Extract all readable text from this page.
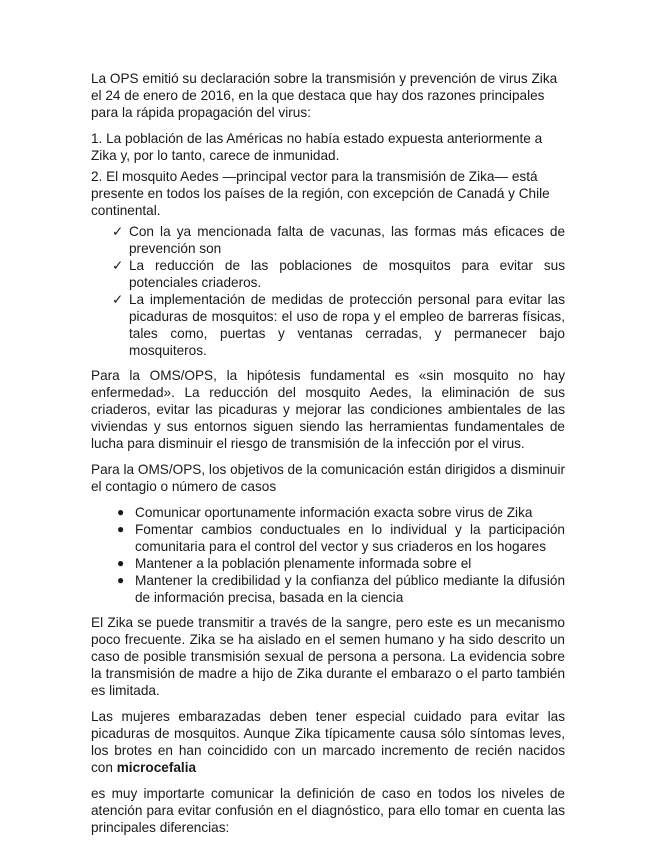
La OPS emitió su declaración sobre la transmisión y prevención de virus Zika el 24 de enero de 2016, en la que destaca que hay dos razones principales para la rápida propagación del virus:

1. La población de las Américas no había estado expuesta anteriormente a Zika y, por lo tanto, carece de inmunidad.

2. El mosquito Aedes —principal vector para la transmisión de Zika— está presente en todos los países de la región, con excepción de Canadá y Chile continental.

✓ Con la ya mencionada falta de vacunas, las formas más eficaces de prevención son
✓ La reducción de las poblaciones de mosquitos para evitar sus potenciales criaderos.
✓ La implementación de medidas de protección personal para evitar las picaduras de mosquitos: el uso de ropa y el empleo de barreras físicas, tales como, puertas y ventanas cerradas, y permanecer bajo mosquiteros.

Para la OMS/OPS, la hipótesis fundamental es «sin mosquito no hay enfermedad». La reducción del mosquito Aedes, la eliminación de sus criaderos, evitar las picaduras y mejorar las condiciones ambientales de las viviendas y sus entornos siguen siendo las herramientas fundamentales de lucha para disminuir el riesgo de transmisión de la infección por el virus.

Para la OMS/OPS, los objetivos de la comunicación están dirigidos a disminuir el contagio o número de casos

● Comunicar oportunamente información exacta sobre virus de Zika
● Fomentar cambios conductuales en lo individual y la participación comunitaria para el control del vector y sus criaderos en los hogares
● Mantener a la población plenamente informada sobre el
● Mantener la credibilidad y la confianza del público mediante la difusión de información precisa, basada en la ciencia

El Zika se puede transmitir a través de la sangre, pero este es un mecanismo poco frecuente. Zika se ha aislado en el semen humano y ha sido descrito un caso de posible transmisión sexual de persona a persona. La evidencia sobre la transmisión de madre a hijo de Zika durante el embarazo o el parto también es limitada.

Las mujeres embarazadas deben tener especial cuidado para evitar las picaduras de mosquitos. Aunque Zika típicamente causa sólo síntomas leves, los brotes en han coincidido con un marcado incremento de recién nacidos con microcefalia

es muy importarte comunicar la definición de caso en todos los niveles de atención para evitar confusión en el diagnóstico, para ello tomar en cuenta las principales diferencias:
